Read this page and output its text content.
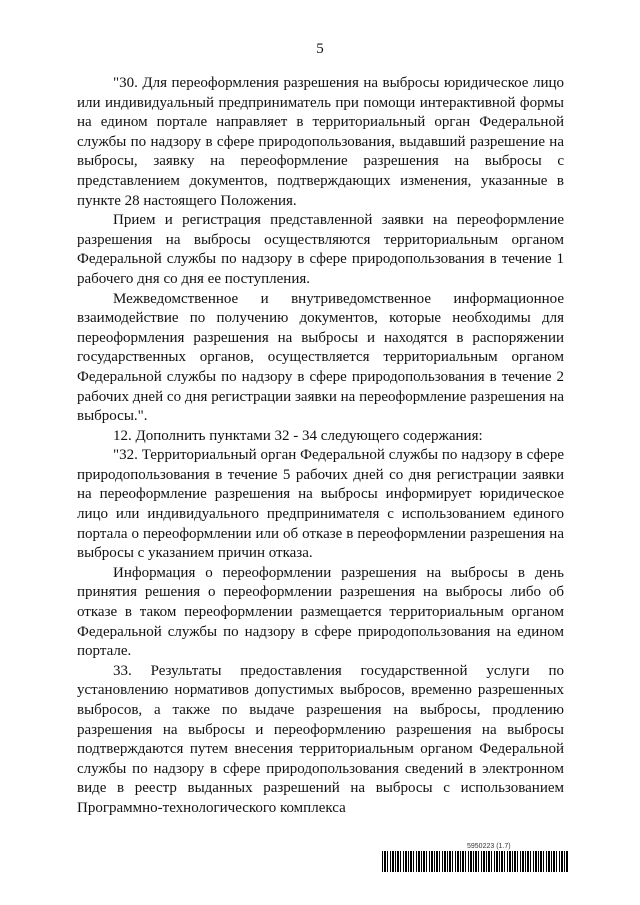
5

"30. Для переоформления разрешения на выбросы юридическое лицо или индивидуальный предприниматель при помощи интерактивной формы на едином портале направляет в территориальный орган Федеральной службы по надзору в сфере природопользования, выдавший разрешение на выбросы, заявку на переоформление разрешения на выбросы с представлением документов, подтверждающих изменения, указанные в пункте 28 настоящего Положения.

Прием и регистрация представленной заявки на переоформление разрешения на выбросы осуществляются территориальным органом Федеральной службы по надзору в сфере природопользования в течение 1 рабочего дня со дня ее поступления.

Межведомственное и внутриведомственное информационное взаимодействие по получению документов, которые необходимы для переоформления разрешения на выбросы и находятся в распоряжении государственных органов, осуществляется территориальным органом Федеральной службы по надзору в сфере природопользования в течение 2 рабочих дней со дня регистрации заявки на переоформление разрешения на выбросы.".

12. Дополнить пунктами 32 - 34 следующего содержания:

"32. Территориальный орган Федеральной службы по надзору в сфере природопользования в течение 5 рабочих дней со дня регистрации заявки на переоформление разрешения на выбросы информирует юридическое лицо или индивидуального предпринимателя с использованием единого портала о переоформлении или об отказе в переоформлении разрешения на выбросы с указанием причин отказа.

Информация о переоформлении разрешения на выбросы в день принятия решения о переоформлении разрешения на выбросы либо об отказе в таком переоформлении размещается территориальным органом Федеральной службы по надзору в сфере природопользования на едином портале.

33. Результаты предоставления государственной услуги по установлению нормативов допустимых выбросов, временно разрешенных выбросов, а также по выдаче разрешения на выбросы, продлению разрешения на выбросы и переоформлению разрешения на выбросы подтверждаются путем внесения территориальным органом Федеральной службы по надзору в сфере природопользования сведений в электронном виде в реестр выданных разрешений на выбросы с использованием Программно-технологического комплекса

5950223 (1.7)
